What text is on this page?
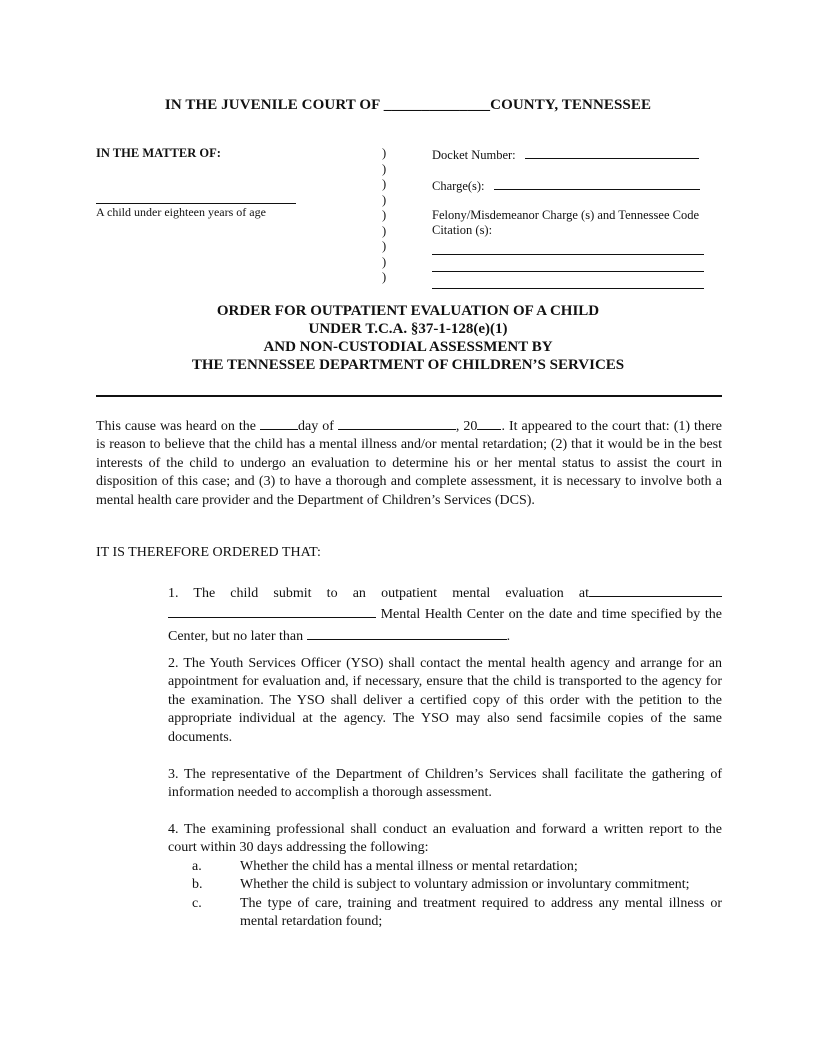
IN THE JUVENILE COURT OF ______________COUNTY, TENNESSEE
IN THE MATTER OF:
A child under eighteen years of age
)
)
)
)
)
)
)
)
)
Docket Number:
Charge(s):
Felony/Misdemeanor Charge (s) and Tennessee Code
Citation (s):
ORDER FOR OUTPATIENT EVALUATION OF A CHILD
UNDER T.C.A. §37-1-128(e)(1)
AND NON-CUSTODIAL ASSESSMENT BY
THE TENNESSEE DEPARTMENT OF CHILDREN’S SERVICES
This cause was heard on the	day of	, 20 . It appeared to the court that: (1) there is reason to believe that the child has a mental illness and/or mental retardation; (2) that it would be in the best interests of the child to undergo an evaluation to determine his or her mental status to assist the court in disposition of this case; and (3) to have a thorough and complete assessment, it is necessary to involve both a mental health care provider and the Department of Children’s Services (DCS).
IT IS THEREFORE ORDERED THAT:
1. The child submit to an outpatient mental evaluation at  Mental Health Center on the date and time specified by the Center, but no later than	.
2. The Youth Services Officer (YSO) shall contact the mental health agency and arrange for an appointment for evaluation and, if necessary, ensure that the child is transported to the agency for the examination. The YSO shall deliver a certified copy of this order with the petition to the appropriate individual at the agency. The YSO may also send facsimile copies of the same documents.
3. The representative of the Department of Children’s Services shall facilitate the gathering of information needed to accomplish a thorough assessment.
4. The examining professional shall conduct an evaluation and forward a written report to the court within 30 days addressing the following:
a.	Whether the child has a mental illness or mental retardation;
b.	Whether the child is subject to voluntary admission or involuntary commitment;
c.	The type of care, training and treatment required to address any mental illness or mental retardation found;
